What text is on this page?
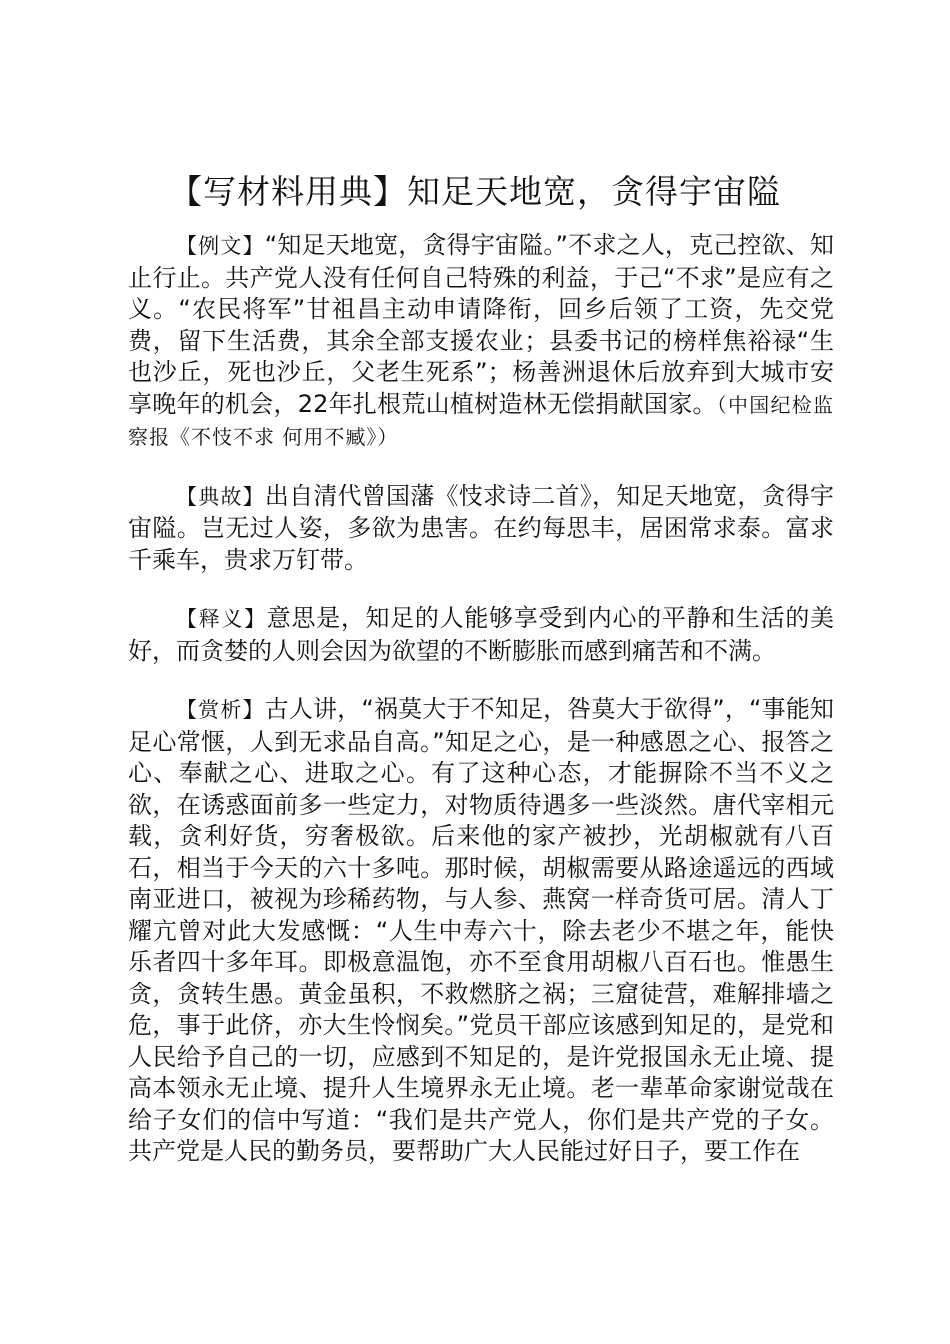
【写材料用典】知足天地宽，贪得宇宙隘

【例文】“知足天地宽，贪得宇宙隘。”不求之人，克己控欲、知止行止。共产党人没有任何自己特殊的利益，于己“不求”是应有之义。“农民将军”甘祖昌主动申请降衔，回乡后领了工资，先交党费，留下生活费，其余全部支援农业；县委书记的榜样焦裕禄“生也沙丘，死也沙丘，父老生死系”；杨善洲退休后放弃到大城市安享晚年的机会，22年扎根荒山植树造林无偿捐献国家。（中国纪检监察报《不忮不求 何用不臧》）

【典故】出自清代曾国藩《忮求诗二首》，知足天地宽，贪得宇宙隘。岂无过人姿，多欲为患害。在约每思丰，居困常求泰。富求千乘车，贵求万钉带。

【释义】意思是，知足的人能够享受到内心的平静和生活的美好，而贪婪的人则会因为欲望的不断膨胀而感到痛苦和不满。

【赏析】古人讲，“祸莫大于不知足，咎莫大于欲得”，“事能知足心常惬，人到无求品自高。”知足之心，是一种感恩之心、报答之心、奉献之心、进取之心。有了这种心态，才能摒除不当不义之欲，在诱惑面前多一些定力，对物质待遇多一些淡然。唐代宰相元载，贪利好货，穷奢极欲。后来他的家产被抄，光胡椒就有八百石，相当于今天的六十多吨。那时候，胡椒需要从路途遥远的西域南亚进口，被视为珍稀药物，与人参、燕窝一样奇货可居。清人丁耀亢曾对此大发感慨：“人生中寿六十，除去老少不堪之年，能快乐者四十多年耳。即极意温饱，亦不至食用胡椒八百石也。惟愚生贪，贪转生愚。黄金虽积，不救燃脐之祸；三窟徒营，难解排墙之危，事于此侪，亦大生怜悯矣。”党员干部应该感到知足的，是党和人民给予自己的一切，应感到不知足的，是许党报国永无止境、提高本领永无止境、提升人生境界永无止境。老一辈革命家谢觉哉在给子女们的信中写道：“我们是共产党人，你们是共产党的子女。共产党是人民的勤务员，要帮助广大人民能过好日子，要工作在
